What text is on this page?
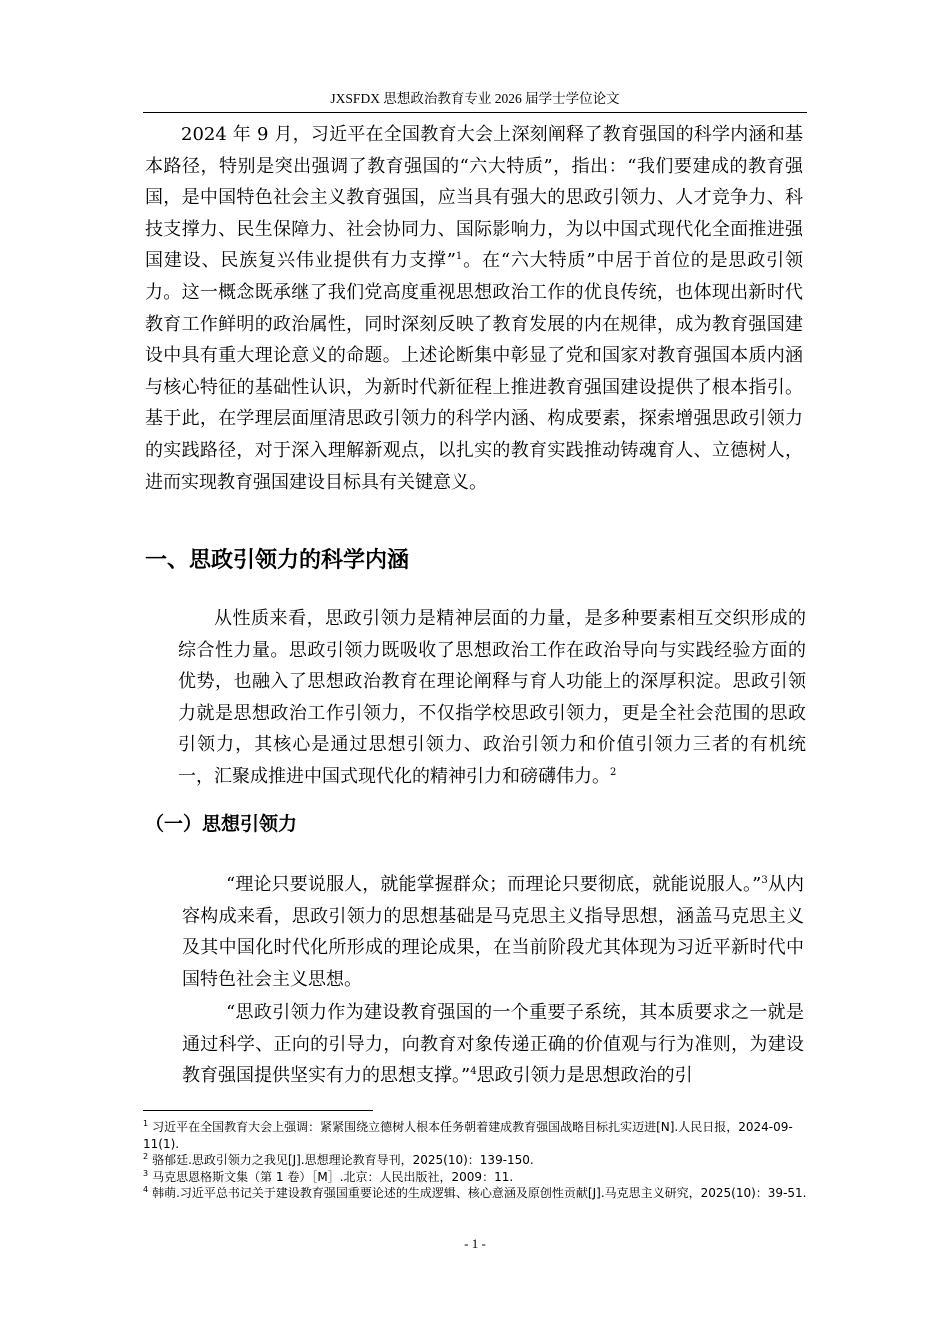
JXSFDX 思想政治教育专业 2026 届学士学位论文

2024 年 9 月，习近平在全国教育大会上深刻阐释了教育强国的科学内涵和基本路径，特别是突出强调了教育强国的“六大特质”，指出：“我们要建成的教育强国，是中国特色社会主义教育强国，应当具有强大的思政引领力、人才竞争力、科技支撑力、民生保障力、社会协同力、国际影响力，为以中国式现代化全面推进强国建设、民族复兴伟业提供有力支撑”$^1$。在“六大特质”中居于首位的是思政引领力。这一概念既承继了我们党高度重视思想政治工作的优良传统，也体现出新时代教育工作鲜明的政治属性，同时深刻反映了教育发展的内在规律，成为教育强国建设中具有重大理论意义的命题。上述论断集中彰显了党和国家对教育强国本质内涵与核心特征的基础性认识，为新时代新征程上推进教育强国建设提供了根本指引。基于此，在学理层面厘清思政引领力的科学内涵、构成要素，探索增强思政引领力的实践路径，对于深入理解新观点，以扎实的教育实践推动铸魂育人、立德树人，进而实现教育强国建设目标具有关键意义。

一、思政引领力的科学内涵

从性质来看，思政引领力是精神层面的力量，是多种要素相互交织形成的综合性力量。思政引领力既吸收了思想政治工作在政治导向与实践经验方面的优势，也融入了思想政治教育在理论阐释与育人功能上的深厚积淀。思政引领力就是思想政治工作引领力，不仅指学校思政引领力，更是全社会范围的思政引领力，其核心是通过思想引领力、政治引领力和价值引领力三者的有机统一，汇聚成推进中国式现代化的精神引力和磅礴伟力。$^2$

（一）思想引领力

“理论只要说服人，就能掌握群众；而理论只要彻底，就能说服人。”$^3$从内容构成来看，思政引领力的思想基础是马克思主义指导思想，涵盖马克思主义及其中国化时代化所形成的理论成果，在当前阶段尤其体现为习近平新时代中国特色社会主义思想。

“思政引领力作为建设教育强国的一个重要子系统，其本质要求之一就是通过科学、正向的引导力，向教育对象传递正确的价值观与行为准则，为建设教育强国提供坚实有力的思想支撑。”$^4$思政引领力是思想政治的引

$^1$ 习近平在全国教育大会上强调：紧紧围绕立德树人根本任务朝着建成教育强国战略目标扎实迈进[N].人民日报，2024-09-11(1).

$^2$ 骆郁廷.思政引领力之我见[J].思想理论教育导刊，2025(10)：139-150.

$^3$ 马克思恩格斯文集（第 1 卷）［M］.北京：人民出版社，2009：11.

$^4$ 韩萌.习近平总书记关于建设教育强国重要论述的生成逻辑、核心意涵及原创性贡献[J].马克思主义研究，2025(10)：39-51.

- 1 -
